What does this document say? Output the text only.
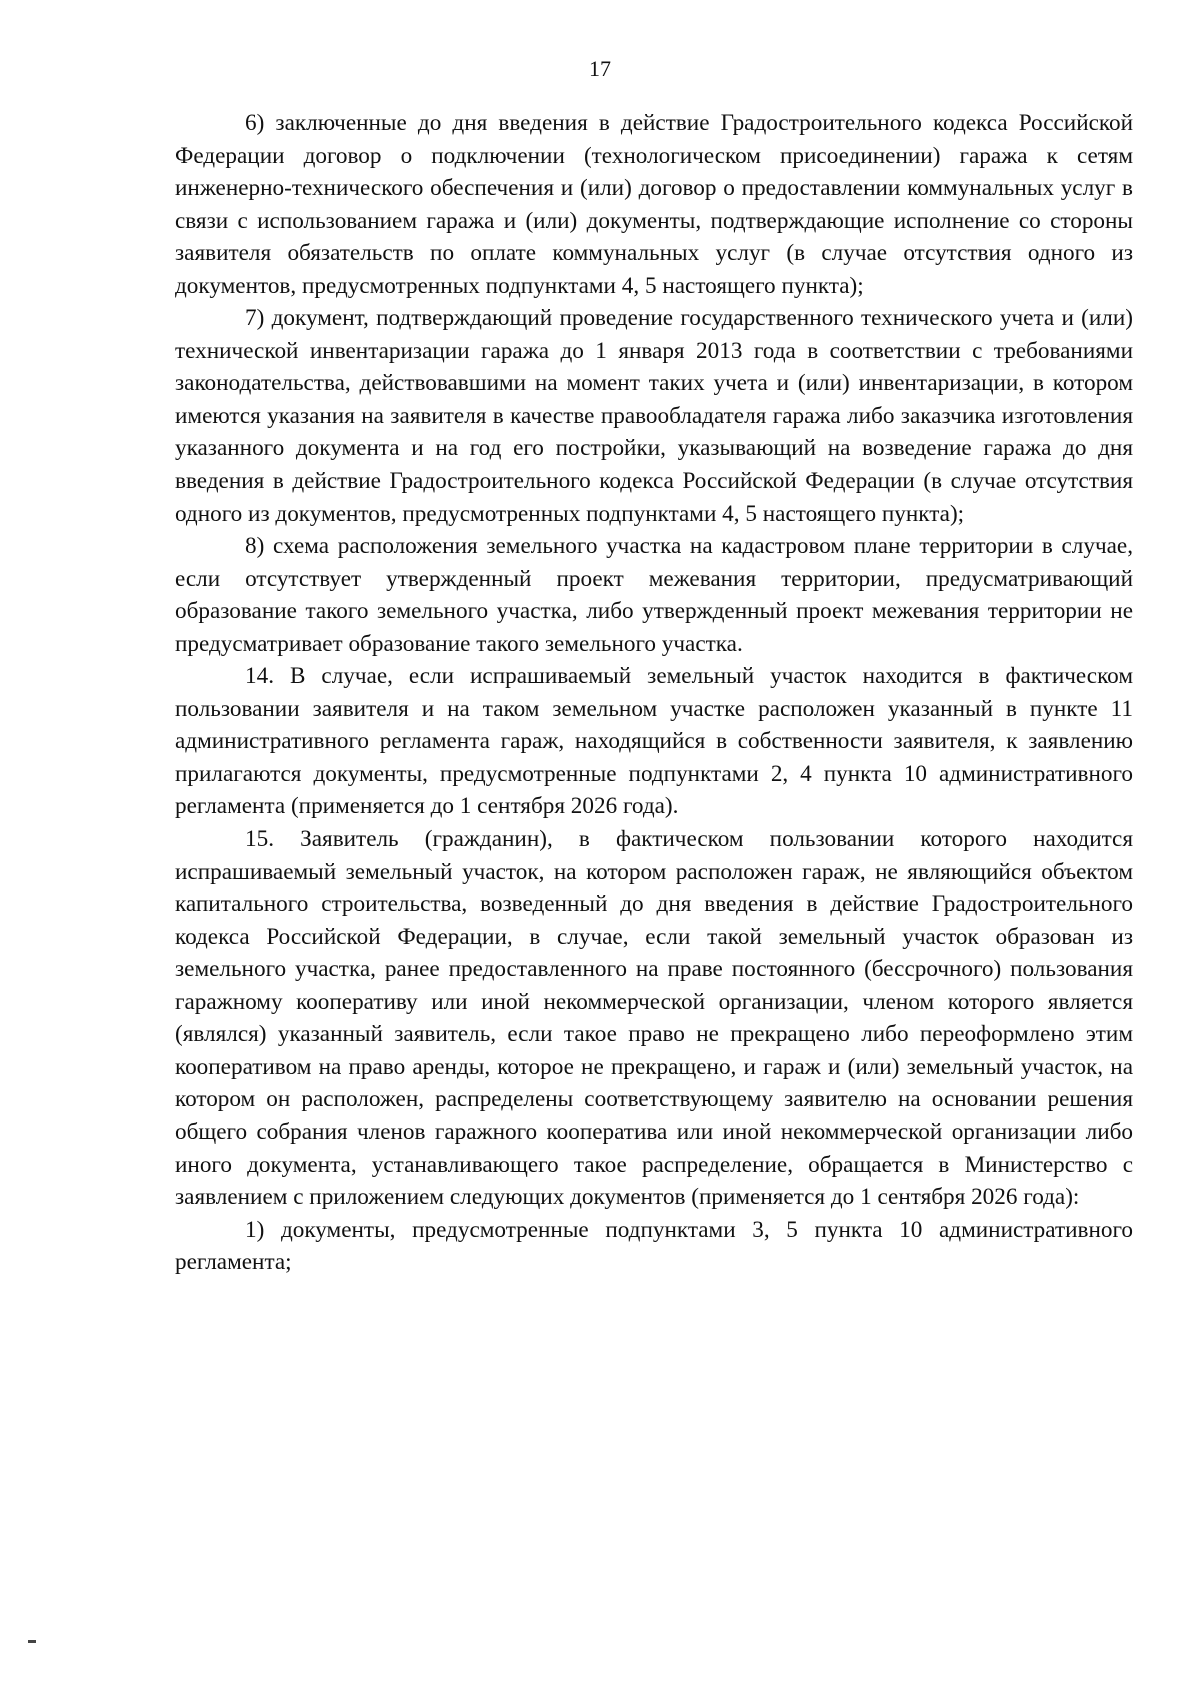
17

6) заключенные до дня введения в действие Градостроительного кодекса Российской Федерации договор о подключении (технологическом присоединении) гаража к сетям инженерно-технического обеспечения и (или) договор о предоставлении коммунальных услуг в связи с использованием гаража и (или) документы, подтверждающие исполнение со стороны заявителя обязательств по оплате коммунальных услуг (в случае отсутствия одного из документов, предусмотренных подпунктами 4, 5 настоящего пункта);

7) документ, подтверждающий проведение государственного технического учета и (или) технической инвентаризации гаража до 1 января 2013 года в соответствии с требованиями законодательства, действовавшими на момент таких учета и (или) инвентаризации, в котором имеются указания на заявителя в качестве правообладателя гаража либо заказчика изготовления указанного документа и на год его постройки, указывающий на возведение гаража до дня введения в действие Градостроительного кодекса Российской Федерации (в случае отсутствия одного из документов, предусмотренных подпунктами 4, 5 настоящего пункта);

8) схема расположения земельного участка на кадастровом плане территории в случае, если отсутствует утвержденный проект межевания территории, предусматривающий образование такого земельного участка, либо утвержденный проект межевания территории не предусматривает образование такого земельного участка.

14. В случае, если испрашиваемый земельный участок находится в фактическом пользовании заявителя и на таком земельном участке расположен указанный в пункте 11 административного регламента гараж, находящийся в собственности заявителя, к заявлению прилагаются документы, предусмотренные подпунктами 2, 4 пункта 10 административного регламента (применяется до 1 сентября 2026 года).

15. Заявитель (гражданин), в фактическом пользовании которого находится испрашиваемый земельный участок, на котором расположен гараж, не являющийся объектом капитального строительства, возведенный до дня введения в действие Градостроительного кодекса Российской Федерации, в случае, если такой земельный участок образован из земельного участка, ранее предоставленного на праве постоянного (бессрочного) пользования гаражному кооперативу или иной некоммерческой организации, членом которого является (являлся) указанный заявитель, если такое право не прекращено либо переоформлено этим кооперативом на право аренды, которое не прекращено, и гараж и (или) земельный участок, на котором он расположен, распределены соответствующему заявителю на основании решения общего собрания членов гаражного кооператива или иной некоммерческой организации либо иного документа, устанавливающего такое распределение, обращается в Министерство с заявлением с приложением следующих документов (применяется до 1 сентября 2026 года):

1) документы, предусмотренные подпунктами 3, 5 пункта 10 административного регламента;
